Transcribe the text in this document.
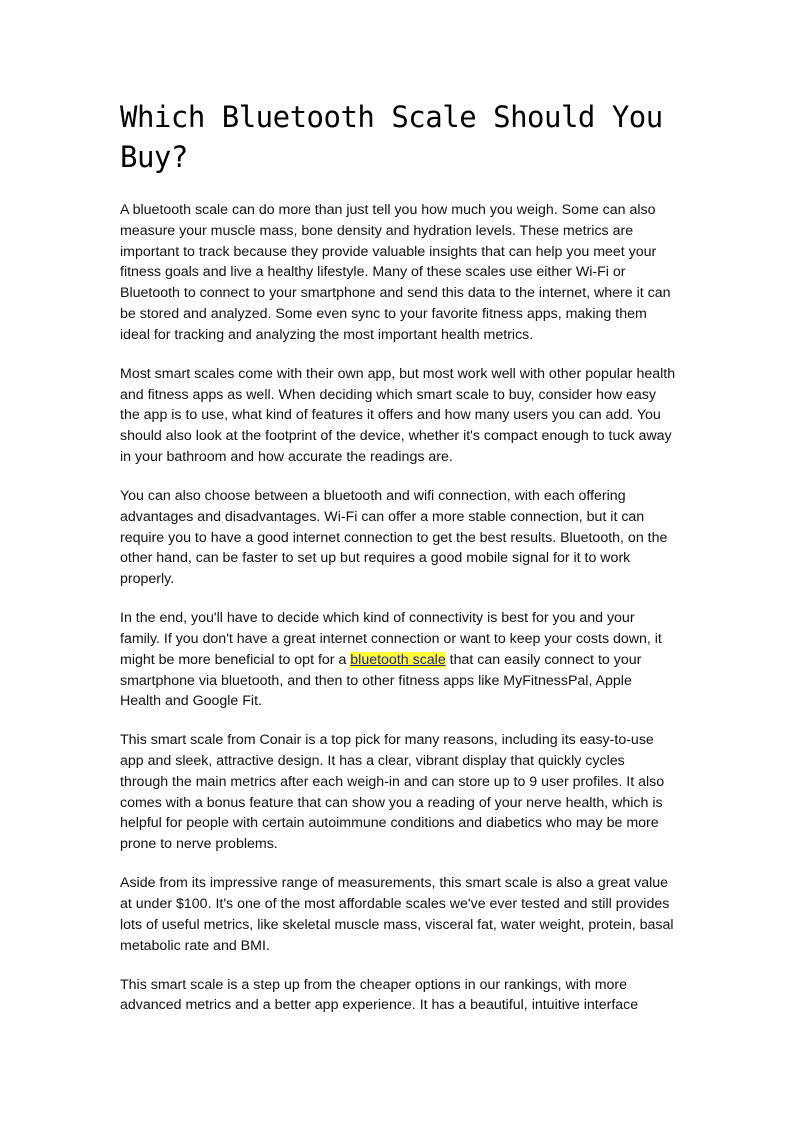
Which Bluetooth Scale Should You Buy?

A bluetooth scale can do more than just tell you how much you weigh. Some can also measure your muscle mass, bone density and hydration levels. These metrics are important to track because they provide valuable insights that can help you meet your fitness goals and live a healthy lifestyle. Many of these scales use either Wi-Fi or Bluetooth to connect to your smartphone and send this data to the internet, where it can be stored and analyzed. Some even sync to your favorite fitness apps, making them ideal for tracking and analyzing the most important health metrics.

Most smart scales come with their own app, but most work well with other popular health and fitness apps as well. When deciding which smart scale to buy, consider how easy the app is to use, what kind of features it offers and how many users you can add. You should also look at the footprint of the device, whether it's compact enough to tuck away in your bathroom and how accurate the readings are.

You can also choose between a bluetooth and wifi connection, with each offering advantages and disadvantages. Wi-Fi can offer a more stable connection, but it can require you to have a good internet connection to get the best results. Bluetooth, on the other hand, can be faster to set up but requires a good mobile signal for it to work properly.

In the end, you'll have to decide which kind of connectivity is best for you and your family. If you don't have a great internet connection or want to keep your costs down, it might be more beneficial to opt for a bluetooth scale that can easily connect to your smartphone via bluetooth, and then to other fitness apps like MyFitnessPal, Apple Health and Google Fit.

This smart scale from Conair is a top pick for many reasons, including its easy-to-use app and sleek, attractive design. It has a clear, vibrant display that quickly cycles through the main metrics after each weigh-in and can store up to 9 user profiles. It also comes with a bonus feature that can show you a reading of your nerve health, which is helpful for people with certain autoimmune conditions and diabetics who may be more prone to nerve problems.

Aside from its impressive range of measurements, this smart scale is also a great value at under $100. It's one of the most affordable scales we've ever tested and still provides lots of useful metrics, like skeletal muscle mass, visceral fat, water weight, protein, basal metabolic rate and BMI.

This smart scale is a step up from the cheaper options in our rankings, with more advanced metrics and a better app experience. It has a beautiful, intuitive interface
